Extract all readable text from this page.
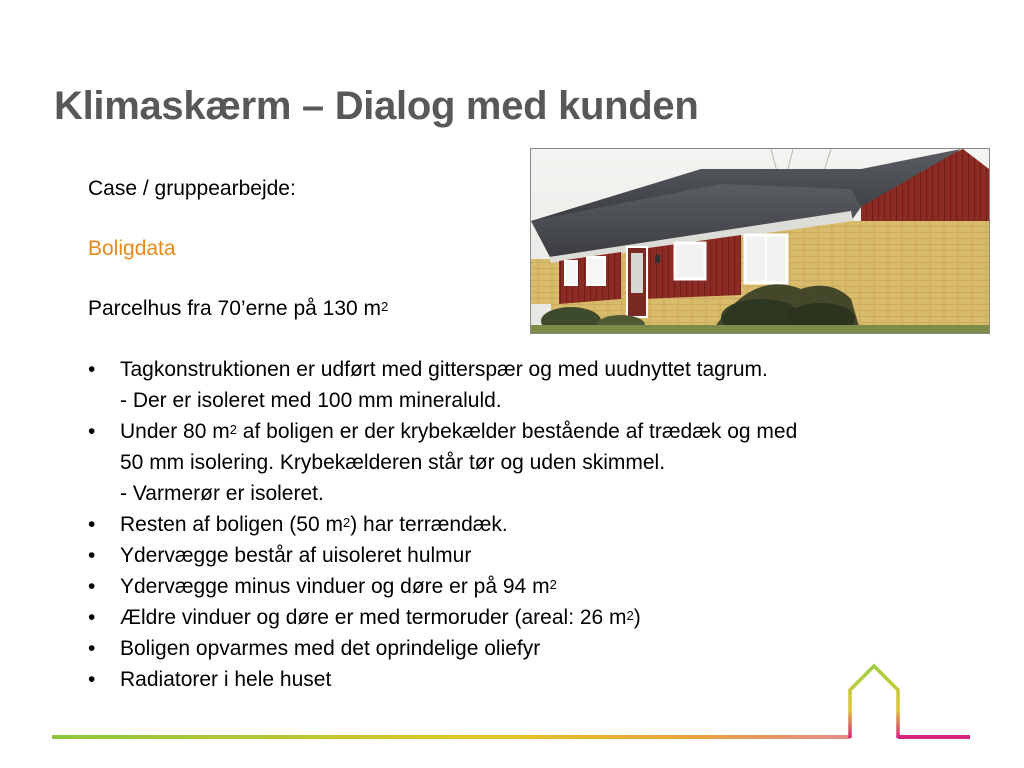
Klimaskærm – Dialog med kunden
Case / gruppearbejde:
Boligdata
Parcelhus fra 70’erne på 130 $m^2$
• Tagkonstruktionen er udført med gitterspær og med uudnyttet tagrum.
- Der er isoleret med 100 mm mineraluld.
• Under 80 $m^2$ af boligen er der krybekælder bestående af trædæk og med
50 mm isolering. Krybekælderen står tør og uden skimmel.
- Varmerør er isoleret.
• Resten af boligen (50 $m^2$) har terrændæk.
• Ydervægge består af uisoleret hulmur
• Ydervægge minus vinduer og døre er på 94 $m^2$
• Ældre vinduer og døre er med termoruder (areal: 26 $m^2$)
• Boligen opvarmes med det oprindelige oliefyr
• Radiatorer i hele huset
